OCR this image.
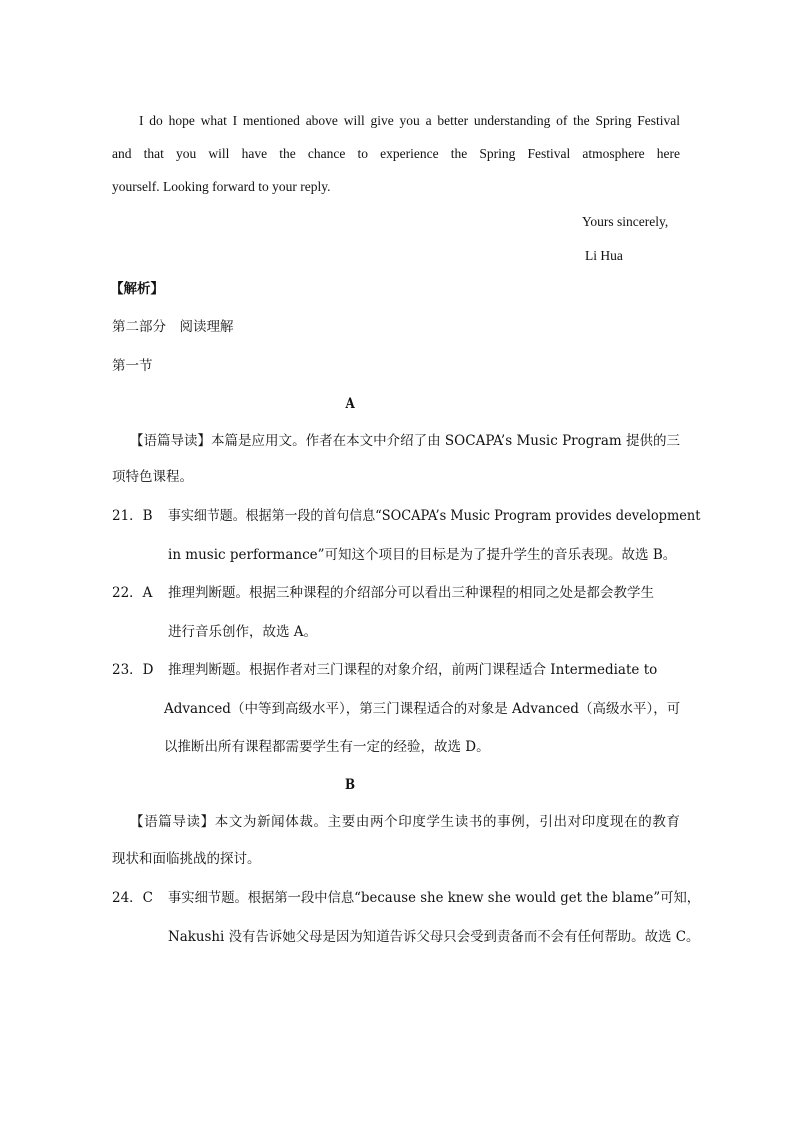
I do hope what I mentioned above will give you a better understanding of the Spring Festival
and that you will have the chance to experience the Spring Festival atmosphere here
yourself. Looking forward to your reply.
Yours sincerely,
Li Hua
【解析】
第二部分　阅读理解
第一节
A
【语篇导读】本篇是应用文。作者在本文中介绍了由 SOCAPA’s Music Program 提供的三
项特色课程。
21．B 事实细节题。根据第一段的首句信息“SOCAPA’s Music Program provides development
in music performance”可知这个项目的目标是为了提升学生的音乐表现。故选 B。
22．A 推理判断题。根据三种课程的介绍部分可以看出三种课程的相同之处是都会教学生
进行音乐创作，故选 A。
23．D 推理判断题。根据作者对三门课程的对象介绍，前两门课程适合 Intermediate to
Advanced（中等到高级水平），第三门课程适合的对象是 Advanced（高级水平），可
以推断出所有课程都需要学生有一定的经验，故选 D。
B
【语篇导读】本文为新闻体裁。主要由两个印度学生读书的事例，引出对印度现在的教育
现状和面临挑战的探讨。
24．C 事实细节题。根据第一段中信息“because she knew she would get the blame”可知，
Nakushi 没有告诉她父母是因为知道告诉父母只会受到责备而不会有任何帮助。故选 C。
